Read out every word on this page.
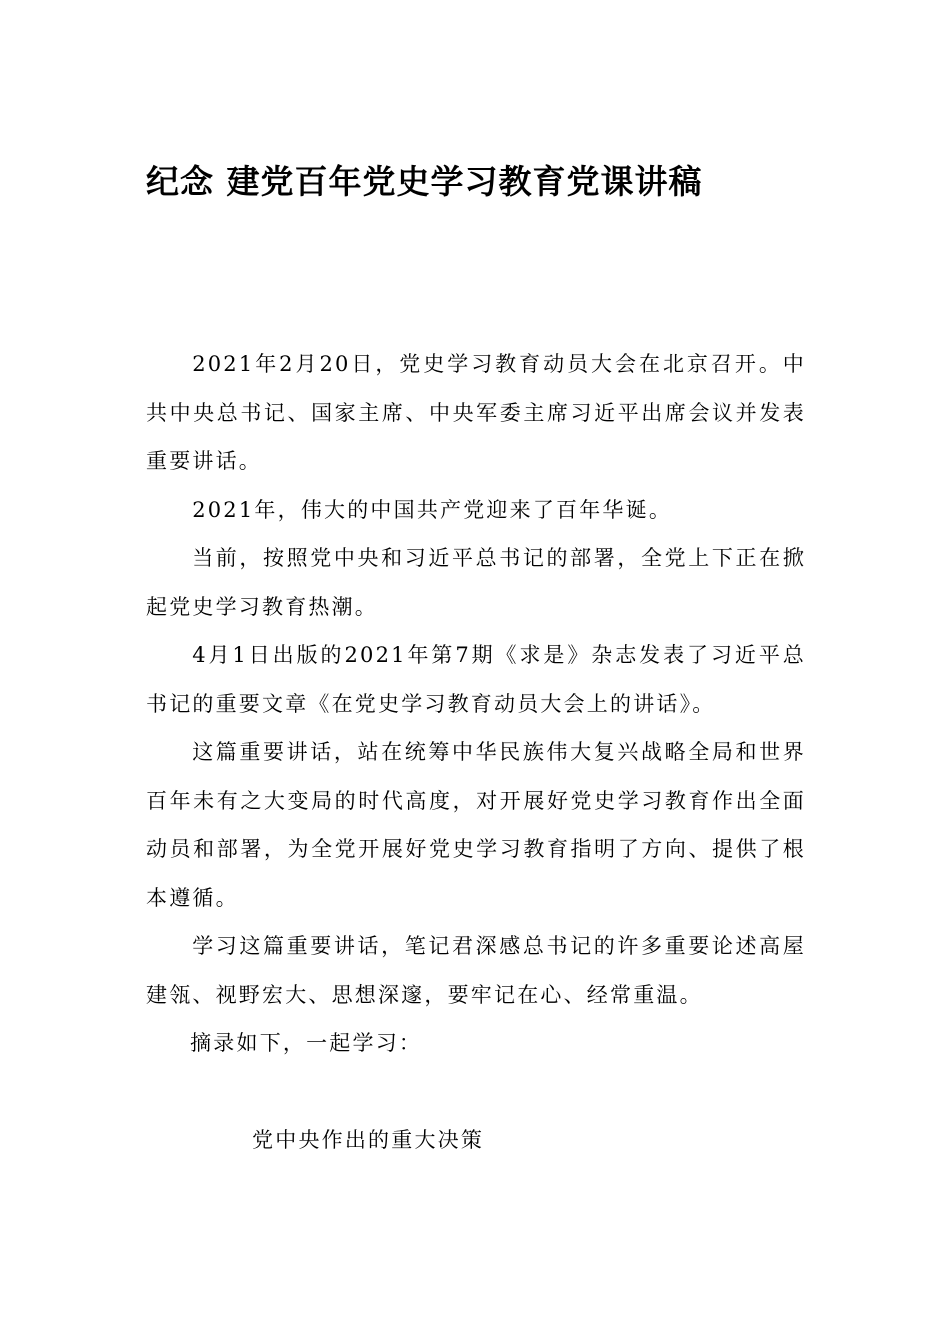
纪念 建党百年党史学习教育党课讲稿

2021年2月20日，党史学习教育动员大会在北京召开。中共中央总书记、国家主席、中央军委主席习近平出席会议并发表重要讲话。

2021年，伟大的中国共产党迎来了百年华诞。

当前，按照党中央和习近平总书记的部署，全党上下正在掀起党史学习教育热潮。

4月1日出版的2021年第7期《求是》杂志发表了习近平总书记的重要文章《在党史学习教育动员大会上的讲话》。

这篇重要讲话，站在统筹中华民族伟大复兴战略全局和世界百年未有之大变局的时代高度，对开展好党史学习教育作出全面动员和部署，为全党开展好党史学习教育指明了方向、提供了根本遵循。

学习这篇重要讲话，笔记君深感总书记的许多重要论述高屋建瓴、视野宏大、思想深邃，要牢记在心、经常重温。

摘录如下，一起学习：

党中央作出的重大决策
